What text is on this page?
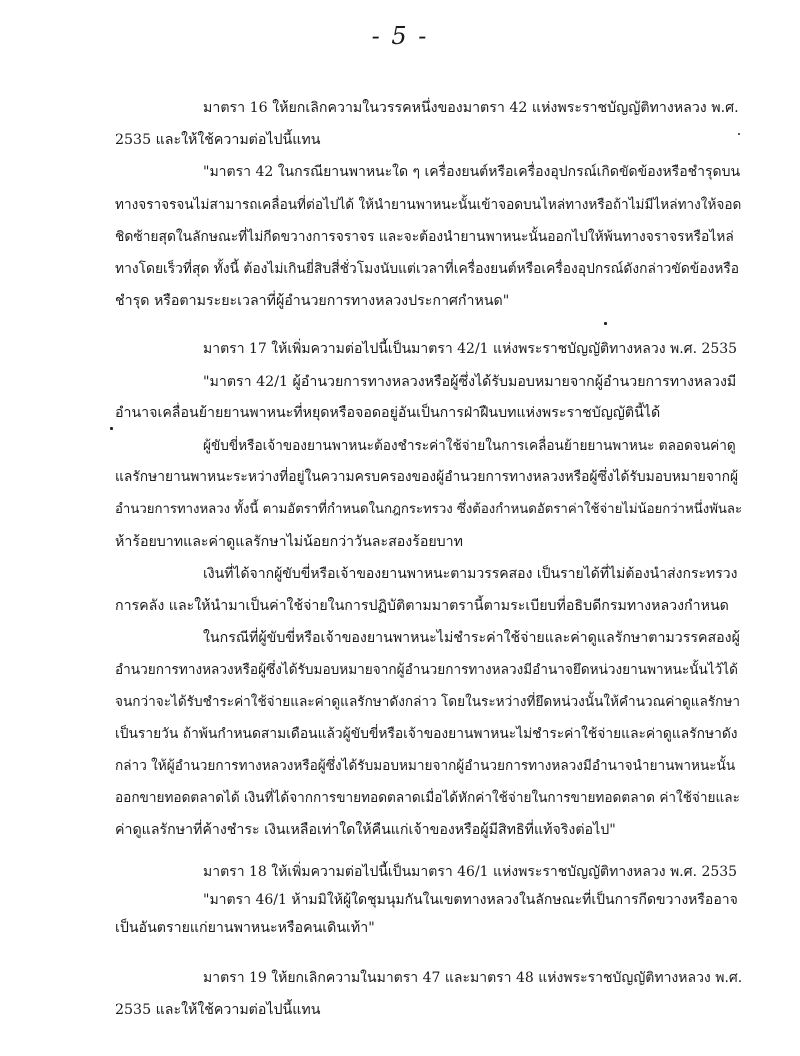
- 5 -
มาตรา 16 ให้ยกเลิกความในวรรคหนึ่งของมาตรา 42 แห่งพระราชบัญญัติทางหลวง พ.ศ.
2535 และให้ใช้ความต่อไปนี้แทน
"มาตรา 42 ในกรณียานพาหนะใด ๆ เครื่องยนต์หรือเครื่องอุปกรณ์เกิดขัดข้องหรือชำรุดบน
ทางจราจรจนไม่สามารถเคลื่อนที่ต่อไปได้ ให้นำยานพาหนะนั้นเข้าจอดบนไหล่ทางหรือถ้าไม่มีไหล่ทางให้จอด
ชิดซ้ายสุดในลักษณะที่ไม่กีดขวางการจราจร และจะต้องนำยานพาหนะนั้นออกไปให้พ้นทางจราจรหรือไหล่
ทางโดยเร็วที่สุด ทั้งนี้ ต้องไม่เกินยี่สิบสี่ชั่วโมงนับแต่เวลาที่เครื่องยนต์หรือเครื่องอุปกรณ์ดังกล่าวขัดข้องหรือ
ชำรุด หรือตามระยะเวลาที่ผู้อำนวยการทางหลวงประกาศกำหนด"
มาตรา 17 ให้เพิ่มความต่อไปนี้เป็นมาตรา 42/1 แห่งพระราชบัญญัติทางหลวง พ.ศ. 2535
"มาตรา 42/1 ผู้อำนวยการทางหลวงหรือผู้ซึ่งได้รับมอบหมายจากผู้อำนวยการทางหลวงมี
อำนาจเคลื่อนย้ายยานพาหนะที่หยุดหรือจอดอยู่อันเป็นการฝ่าฝืนบทแห่งพระราชบัญญัตินี้ได้
ผู้ขับขี่หรือเจ้าของยานพาหนะต้องชำระค่าใช้จ่ายในการเคลื่อนย้ายยานพาหนะ ตลอดจนค่าดู
แลรักษายานพาหนะระหว่างที่อยู่ในความครบครองของผู้อำนวยการทางหลวงหรือผู้ซึ่งได้รับมอบหมายจากผู้
อำนวยการทางหลวง ทั้งนี้ ตามอัตราที่กำหนดในกฎกระทรวง ซึ่งต้องกำหนดอัตราค่าใช้จ่ายไม่น้อยกว่าหนึ่งพันละ
ห้าร้อยบาทและค่าดูแลรักษาไม่น้อยกว่าวันละสองร้อยบาท
เงินที่ได้จากผู้ขับขี่หรือเจ้าของยานพาหนะตามวรรคสอง เป็นรายได้ที่ไม่ต้องนำส่งกระทรวง
การคลัง และให้นำมาเป็นค่าใช้จ่ายในการปฏิบัติตามมาตรานี้ตามระเบียบที่อธิบดีกรมทางหลวงกำหนด
ในกรณีที่ผู้ขับขี่หรือเจ้าของยานพาหนะไม่ชำระค่าใช้จ่ายและค่าดูแลรักษาตามวรรคสองผู้
อำนวยการทางหลวงหรือผู้ซึ่งได้รับมอบหมายจากผู้อำนวยการทางหลวงมีอำนาจยึดหน่วงยานพาหนะนั้นไว้ได้
จนกว่าจะได้รับชำระค่าใช้จ่ายและค่าดูแลรักษาดังกล่าว โดยในระหว่างที่ยึดหน่วงนั้นให้คำนวณค่าดูแลรักษา
เป็นรายวัน ถ้าพ้นกำหนดสามเดือนแล้วผู้ขับขี่หรือเจ้าของยานพาหนะไม่ชำระค่าใช้จ่ายและค่าดูแลรักษาดัง
กล่าว ให้ผู้อำนวยการทางหลวงหรือผู้ซึ่งได้รับมอบหมายจากผู้อำนวยการทางหลวงมีอำนาจนำยานพาหนะนั้น
ออกขายทอดตลาดได้ เงินที่ได้จากการขายทอดตลาดเมื่อได้หักค่าใช้จ่ายในการขายทอดตลาด ค่าใช้จ่ายและ
ค่าดูแลรักษาที่ค้างชำระ เงินเหลือเท่าใดให้คืนแก่เจ้าของหรือผู้มีสิทธิที่แท้จริงต่อไป"
มาตรา 18 ให้เพิ่มความต่อไปนี้เป็นมาตรา 46/1 แห่งพระราชบัญญัติทางหลวง พ.ศ. 2535
"มาตรา 46/1 ห้ามมิให้ผู้ใดชุมนุมกันในเขตทางหลวงในลักษณะที่เป็นการกีดขวางหรืออาจ
เป็นอันตรายแก่ยานพาหนะหรือคนเดินเท้า"
มาตรา 19 ให้ยกเลิกความในมาตรา 47 และมาตรา 48 แห่งพระราชบัญญัติทางหลวง พ.ศ.
2535 และให้ใช้ความต่อไปนี้แทน
